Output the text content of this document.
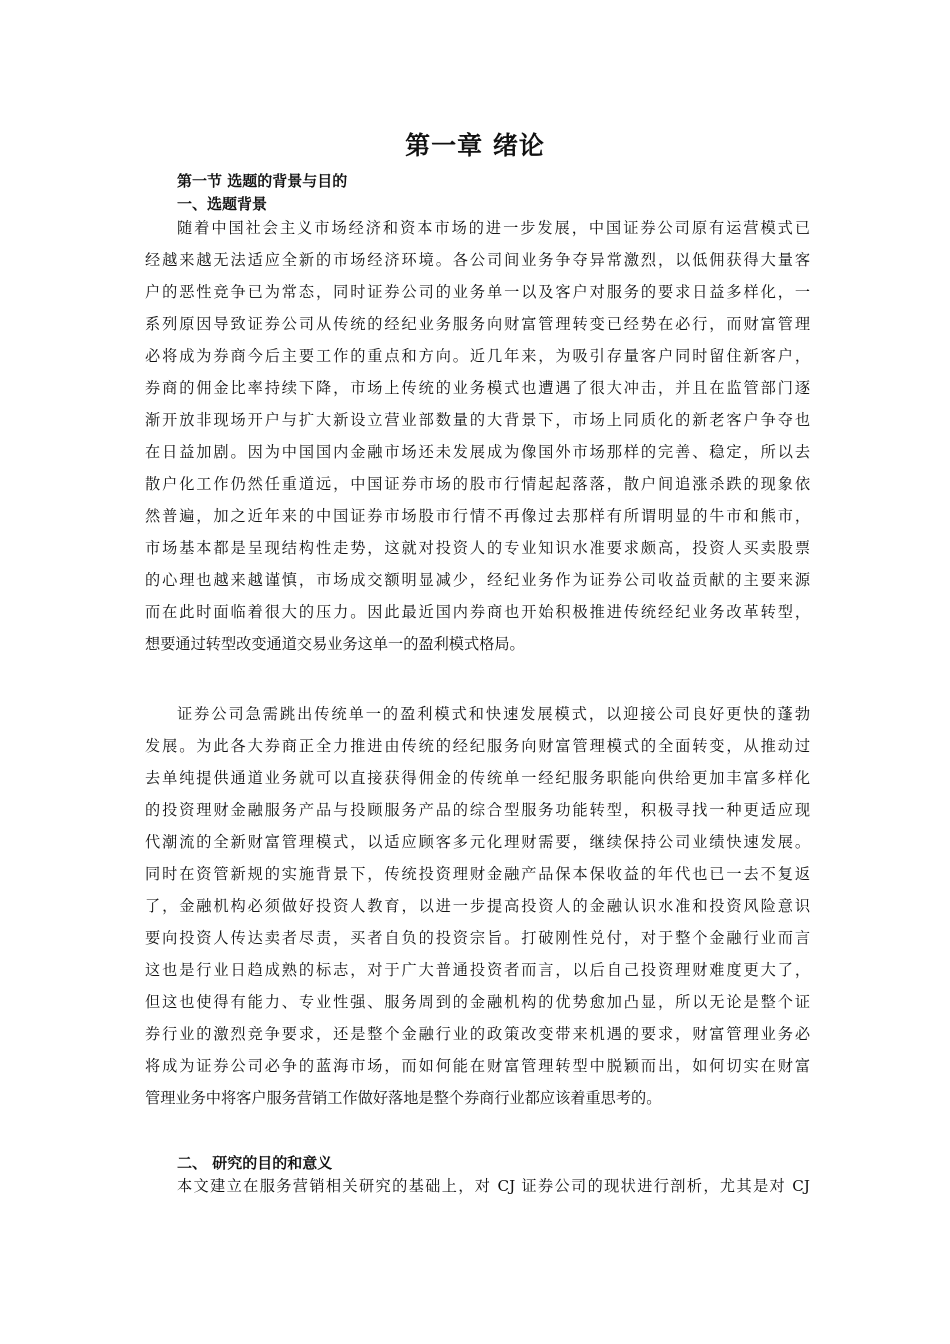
第一章 绪论
第一节 选题的背景与目的
一、选题背景
随着中国社会主义市场经济和资本市场的进一步发展，中国证券公司原有运营模式已
经越来越无法适应全新的市场经济环境。各公司间业务争夺异常激烈，以低佣获得大量客
户的恶性竞争已为常态，同时证券公司的业务单一以及客户对服务的要求日益多样化，一
系列原因导致证券公司从传统的经纪业务服务向财富管理转变已经势在必行，而财富管理
必将成为券商今后主要工作的重点和方向。近几年来，为吸引存量客户同时留住新客户，
券商的佣金比率持续下降，市场上传统的业务模式也遭遇了很大冲击，并且在监管部门逐
渐开放非现场开户与扩大新设立营业部数量的大背景下，市场上同质化的新老客户争夺也
在日益加剧。因为中国国内金融市场还未发展成为像国外市场那样的完善、稳定，所以去
散户化工作仍然任重道远，中国证券市场的股市行情起起落落，散户间追涨杀跌的现象依
然普遍，加之近年来的中国证券市场股市行情不再像过去那样有所谓明显的牛市和熊市，
市场基本都是呈现结构性走势，这就对投资人的专业知识水准要求颇高，投资人买卖股票
的心理也越来越谨慎，市场成交额明显减少，经纪业务作为证券公司收益贡献的主要来源
而在此时面临着很大的压力。因此最近国内券商也开始积极推进传统经纪业务改革转型，
想要通过转型改变通道交易业务这单一的盈利模式格局。
证券公司急需跳出传统单一的盈利模式和快速发展模式，以迎接公司良好更快的蓬勃
发展。为此各大券商正全力推进由传统的经纪服务向财富管理模式的全面转变，从推动过
去单纯提供通道业务就可以直接获得佣金的传统单一经纪服务职能向供给更加丰富多样化
的投资理财金融服务产品与投顾服务产品的综合型服务功能转型，积极寻找一种更适应现
代潮流的全新财富管理模式，以适应顾客多元化理财需要，继续保持公司业绩快速发展。
同时在资管新规的实施背景下，传统投资理财金融产品保本保收益的年代也已一去不复返
了，金融机构必须做好投资人教育，以进一步提高投资人的金融认识水准和投资风险意识
要向投资人传达卖者尽责，买者自负的投资宗旨。打破刚性兑付，对于整个金融行业而言
这也是行业日趋成熟的标志，对于广大普通投资者而言，以后自己投资理财难度更大了，
但这也使得有能力、专业性强、服务周到的金融机构的优势愈加凸显，所以无论是整个证
券行业的激烈竞争要求，还是整个金融行业的政策改变带来机遇的要求，财富管理业务必
将成为证券公司必争的蓝海市场，而如何能在财富管理转型中脱颖而出，如何切实在财富
管理业务中将客户服务营销工作做好落地是整个券商行业都应该着重思考的。
二、 研究的目的和意义
本文建立在服务营销相关研究的基础上，对 CJ 证券公司的现状进行剖析，尤其是对 CJ
